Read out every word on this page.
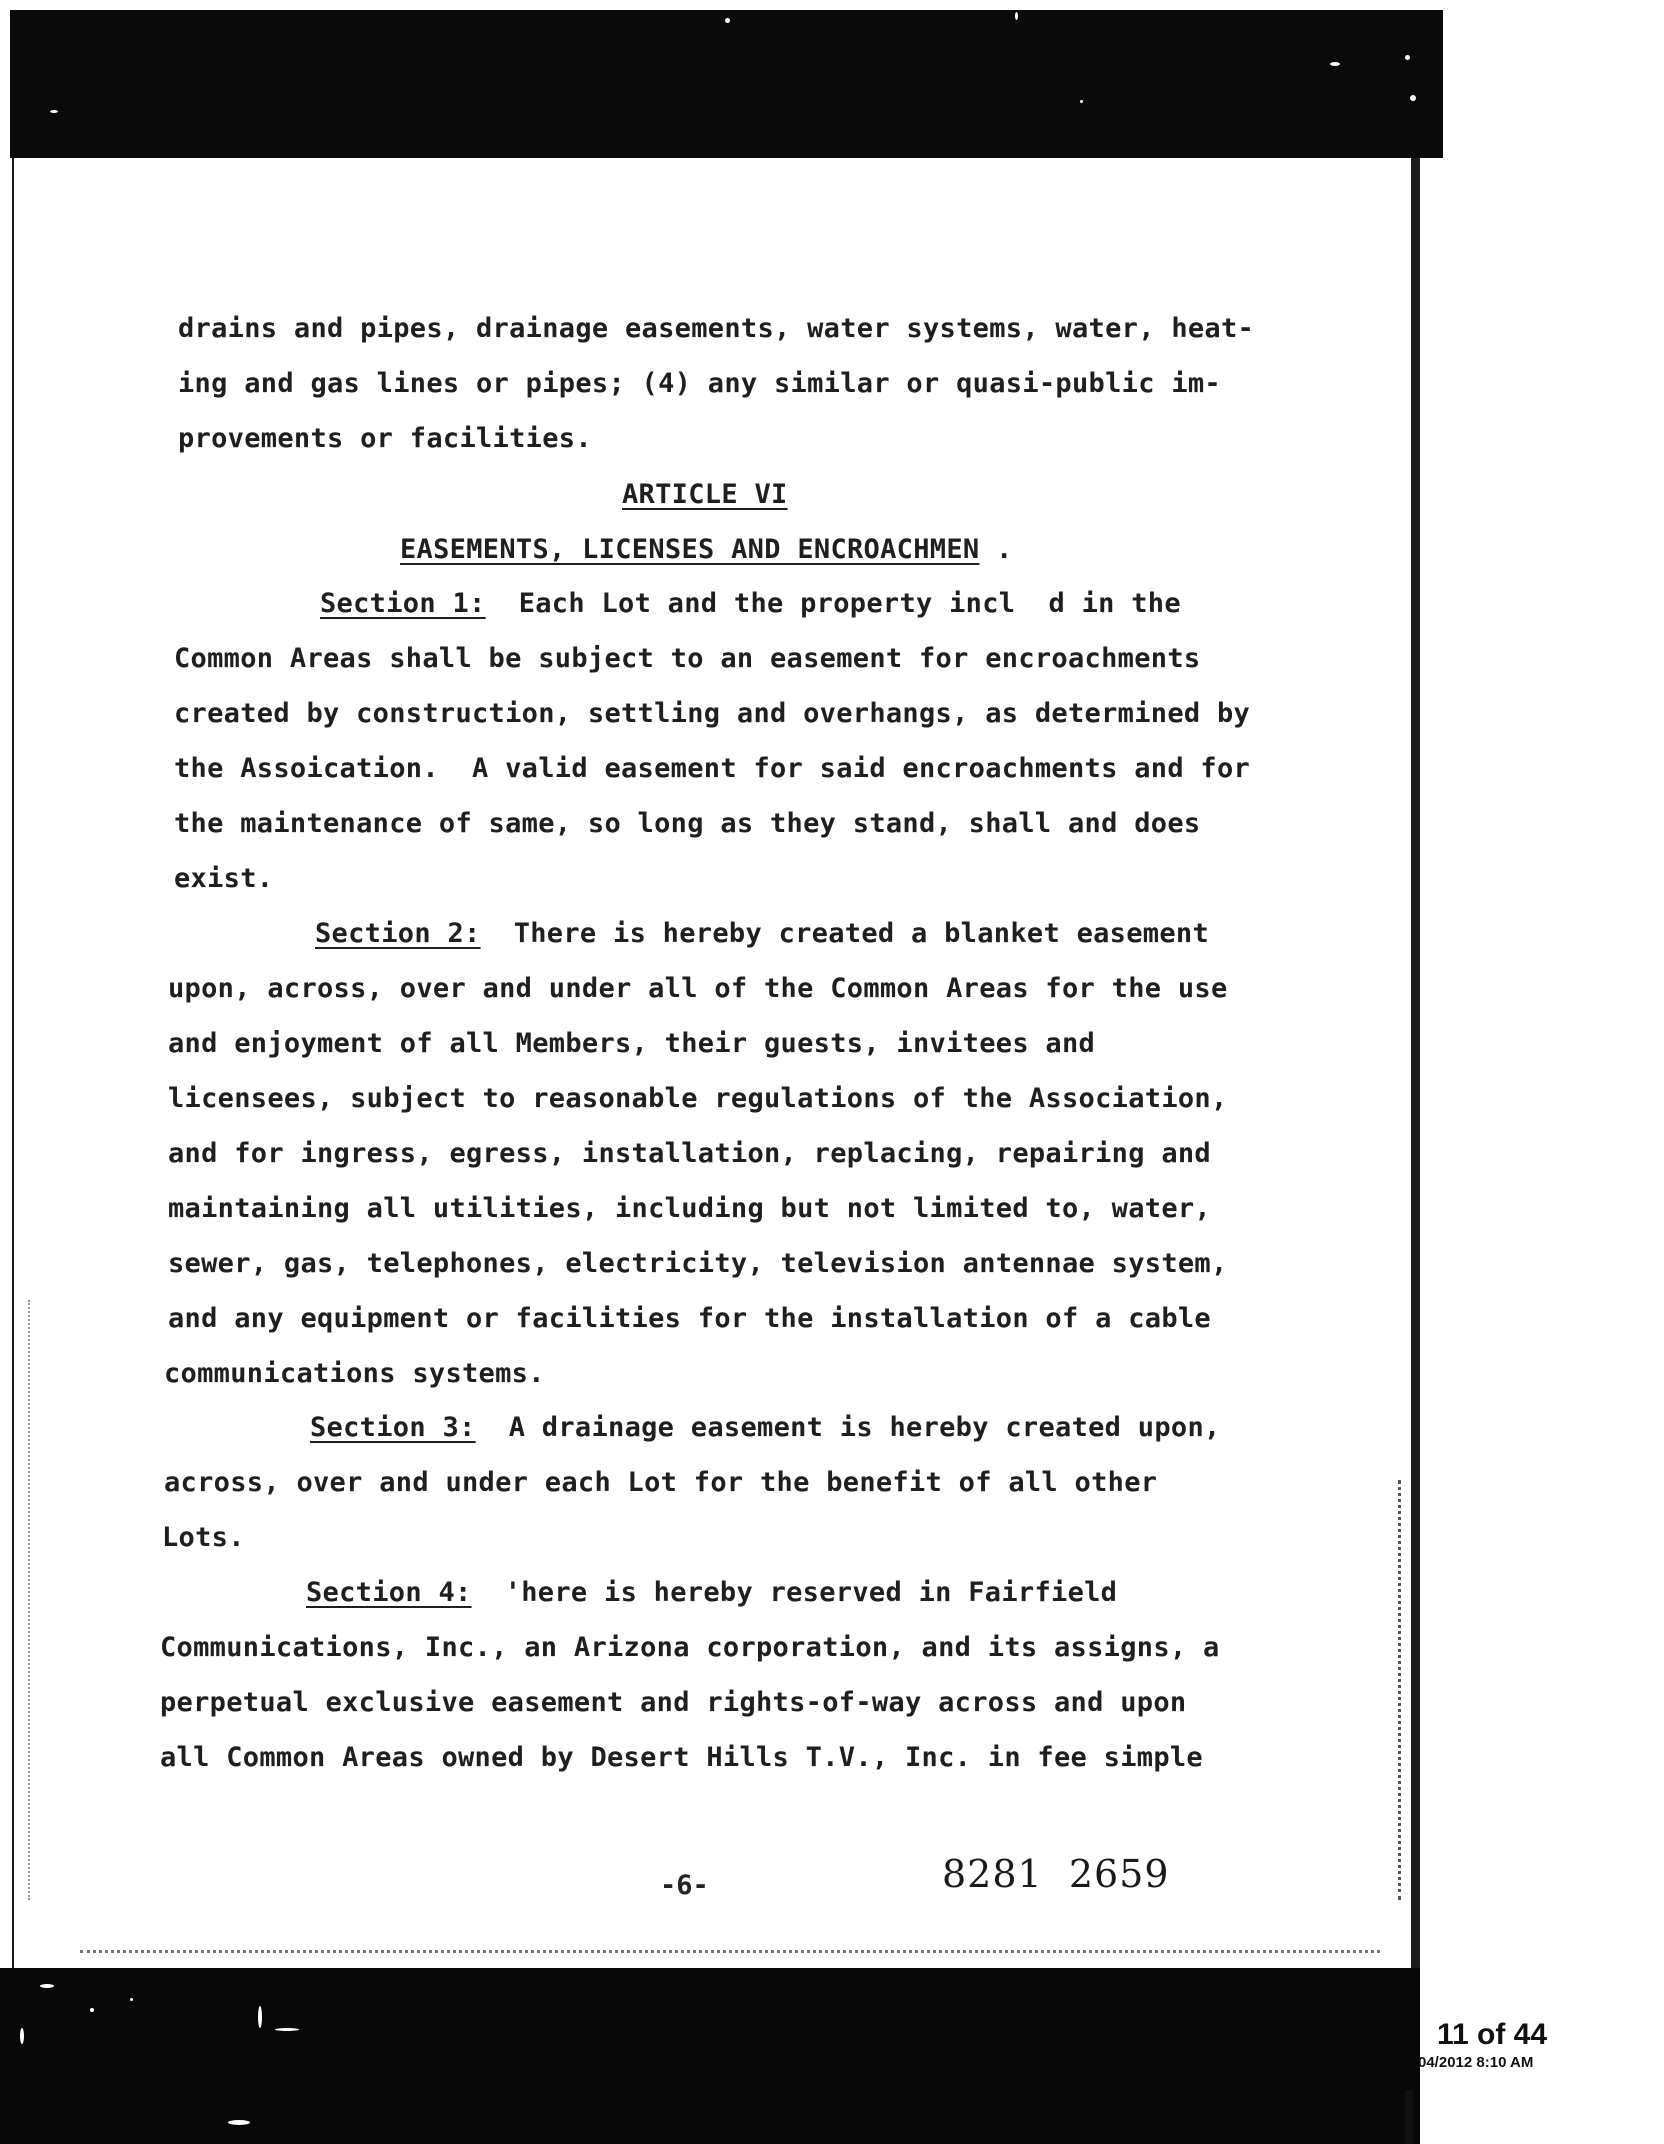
drains and pipes, drainage easements, water systems, water, heat-
ing and gas lines or pipes; (4) any similar or quasi-public im-
provements or facilities.
ARTICLE VI
EASEMENTS, LICENSES AND ENCROACHMEN .
Section 1: Each Lot and the property incl  d in the
Common Areas shall be subject to an easement for encroachments
created by construction, settling and overhangs, as determined by
the Assoication.  A valid easement for said encroachments and for
the maintenance of same, so long as they stand, shall and does
exist.
Section 2: There is hereby created a blanket easement
upon, across, over and under all of the Common Areas for the use
and enjoyment of all Members, their guests, invitees and
licensees, subject to reasonable regulations of the Association,
and for ingress, egress, installation, replacing, repairing and
maintaining all utilities, including but not limited to, water,
sewer, gas, telephones, electricity, television antennae system,
and any equipment or facilities for the installation of a cable
communications systems.
Section 3: A drainage easement is hereby created upon,
across, over and under each Lot for the benefit of all other
Lots.
Section 4: 'here is hereby reserved in Fairfield
Communications, Inc., an Arizona corporation, and its assigns, a
perpetual exclusive easement and rights-of-way across and upon
all Common Areas owned by Desert Hills T.V., Inc. in fee simple
-6-	8281  2659
11 of 44
04/2012 8:10 AM
